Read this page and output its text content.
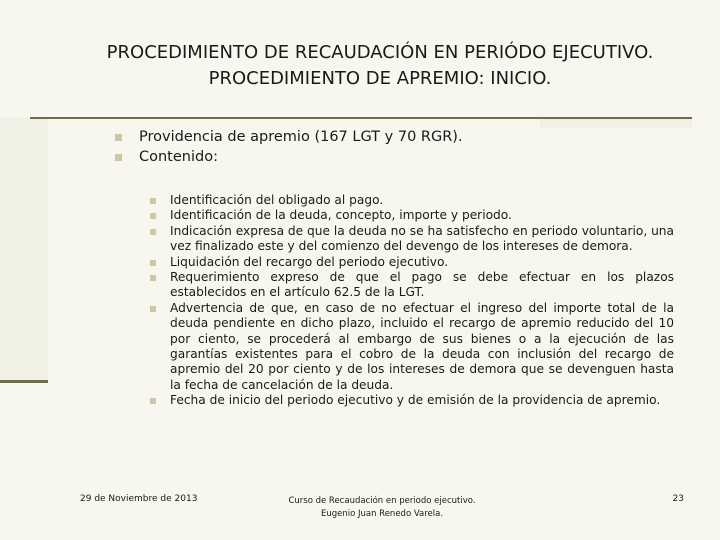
PROCEDIMIENTO DE RECAUDACIÓN EN PERIÓDO EJECUTIVO.
PROCEDIMIENTO DE APREMIO: INICIO.
Providencia de apremio (167 LGT y 70 RGR).
Contenido:
Identificación del obligado al pago.
Identificación de la deuda, concepto, importe y periodo.
Indicación expresa de que la deuda no se ha satisfecho en periodo voluntario, una vez finalizado este y del comienzo del devengo de los intereses de demora.
Liquidación del recargo del periodo ejecutivo.
Requerimiento expreso de que el pago se debe efectuar en los plazos establecidos en el artículo 62.5 de la LGT.
Advertencia de que, en caso de no efectuar el ingreso del importe total de la deuda pendiente en dicho plazo, incluido el recargo de apremio reducido del 10 por ciento, se procederá al embargo de sus bienes o a la ejecución de las garantías existentes para el cobro de la deuda con inclusión del recargo de apremio del 20 por ciento y de los intereses de demora que se devenguen hasta la fecha de cancelación de la deuda.
Fecha de inicio del periodo ejecutivo y de emisión de la providencia de apremio.
29 de Noviembre de 2013	Curso de Recaudación en periodo ejecutivo.
Eugenio Juan Renedo Varela.
23
